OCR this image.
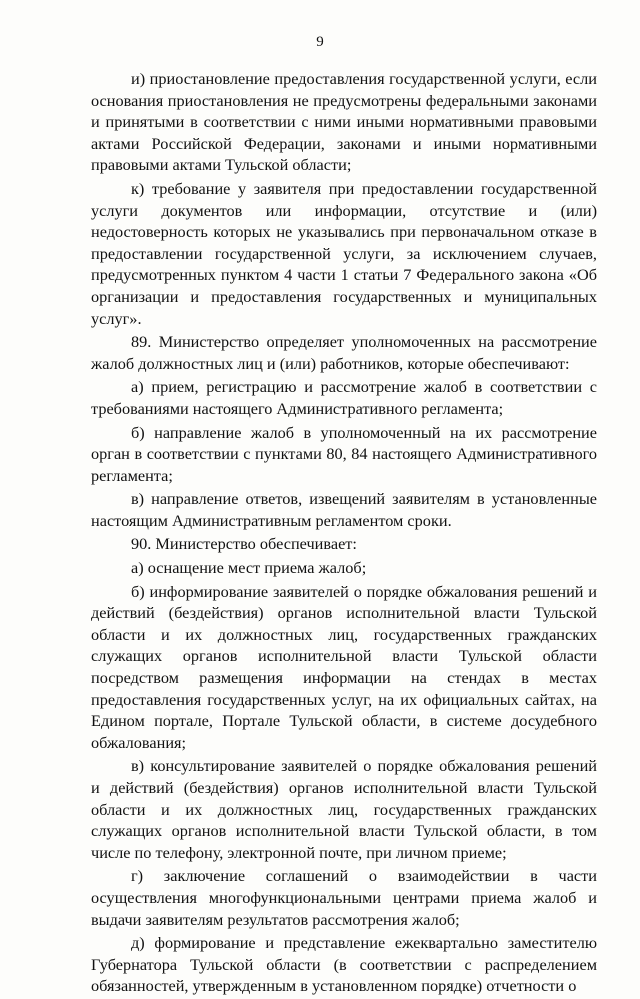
9

и) приостановление предоставления государственной услуги, если основания приостановления не предусмотрены федеральными законами и принятыми в соответствии с ними иными нормативными правовыми актами Российской Федерации, законами и иными нормативными правовыми актами Тульской области;

к) требование у заявителя при предоставлении государственной услуги документов или информации, отсутствие и (или) недостоверность которых не указывались при первоначальном отказе в предоставлении государственной услуги, за исключением случаев, предусмотренных пунктом 4 части 1 статьи 7 Федерального закона «Об организации и предоставления государственных и муниципальных услуг».

89. Министерство определяет уполномоченных на рассмотрение жалоб должностных лиц и (или) работников, которые обеспечивают:

а) прием, регистрацию и рассмотрение жалоб в соответствии с требованиями настоящего Административного регламента;

б) направление жалоб в уполномоченный на их рассмотрение орган в соответствии с пунктами 80, 84 настоящего Административного регламента;

в) направление ответов, извещений заявителям в установленные настоящим Административным регламентом сроки.

90. Министерство обеспечивает:

а) оснащение мест приема жалоб;

б) информирование заявителей о порядке обжалования решений и действий (бездействия) органов исполнительной власти Тульской области и их должностных лиц, государственных гражданских служащих органов исполнительной власти Тульской области посредством размещения информации на стендах в местах предоставления государственных услуг, на их официальных сайтах, на Едином портале, Портале Тульской области, в системе досудебного обжалования;

в) консультирование заявителей о порядке обжалования решений и действий (бездействия) органов исполнительной власти Тульской области и их должностных лиц, государственных гражданских служащих органов исполнительной власти Тульской области, в том числе по телефону, электронной почте, при личном приеме;

г) заключение соглашений о взаимодействии в части осуществления многофункциональными центрами приема жалоб и выдачи заявителям результатов рассмотрения жалоб;

д) формирование и представление ежеквартально заместителю Губернатора Тульской области (в соответствии с распределением обязанностей, утвержденным в установленном порядке) отчетности о
